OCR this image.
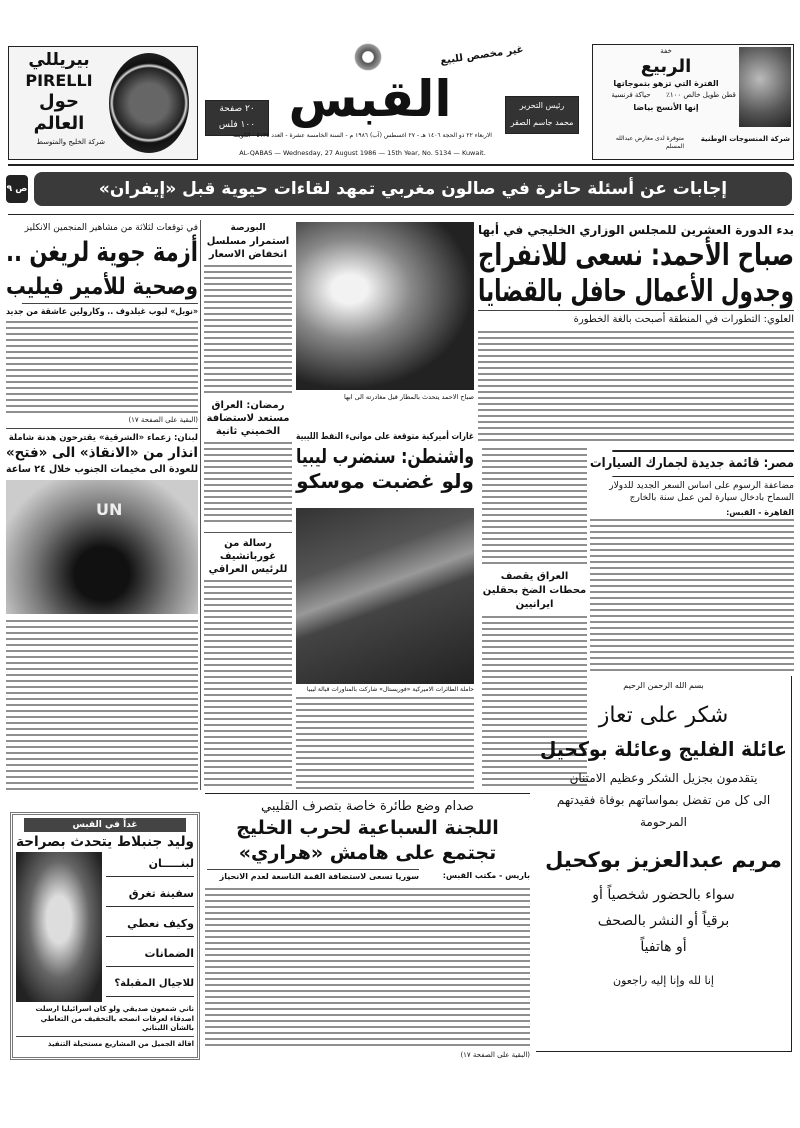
بيريللي
PIRELLI
حول
العالم
شركة الخليج والمتوسط
٢٠ صفحة
١٠٠ فلس
غير مخصص للبيع
القبس	رئيس التحرير
محمد جاسم الصقر
الاربعاء ٢٢ ذو الحجة ١٤٠٦ هـ - ٢٧ اغسطس (آب) ١٩٨٦ م - السنة الخامسة عشرة - العدد ٥١٣٤ - الكويت
AL-QABAS — Wednesday, 27 August 1986 — 15th Year, No. 5134 — Kuwait.
خفة
الربيع
الفترة التي تزهو بتموجاتها
قطن طويل خالص ١٠٠٪
حياكة فرنسية
إنها الأنسج بياضا
شركة المنسوجات الوطنية
متوفرة لدى معارض عبدالله المسلم
ص ٩	إجابات عن أسئلة حائرة في صالون مغربي تمهد لقاءات حيوية قبل «إيفران»
بدء الدورة العشرين للمجلس الوزاري الخليجي في أبها
صباح الأحمد: نسعى للانفراج
وجدول الأعمال حافل بالقضايا
العلوي: التطورات في المنطقة أصبحت بالغة الخطورة
صباح الاحمد يتحدث بالمطار قبل مغادرته الى ابها
غارات أميركية متوقعة على موانىء النفط الليبية
واشنطن: سنضرب ليبيا
ولو غضبت موسكو
حاملة الطائرات الاميركية «فوريستال» شاركت بالمناورات قبالة ليبيا
في توقعات لثلاثة من مشاهير المنجمين الانكليز
أزمة جوية لريغن ..
وصحية للأمير فيليب
«نوبل» لبوب غيلدوف .. وكارولين عاشقة من جديد
(البقية على الصفحة ١٧)
لبنان: زعماء «الشرقية» يقترحون هدنة شاملة
انذار من «الانقاذ» الى «فتح»
للعودة الى مخيمات الجنوب خلال ٢٤ ساعة
UN
البورصة
استمرار مسلسل انخفاض الاسعار
رمضان: العراق مستعد لاستضافة الخميني ثانية
رسالة من غورباتشيف للرئيس العراقي
العراق يقصف محطات الضخ بحقلين ايرانيين
مصر: قائمة جديدة لجمارك السيارات
مضاعفة الرسوم على اساس السعر الجديد للدولار السماح بادخال سيارة لمن عمل سنة بالخارج
القاهرة - القبس:
غداً في القبس
وليد جنبلاط يتحدث بصراحة
لبنـــــان
سفينة تغرق
وكيف نعطي
الضمانات
للاجيال المقبلة؟
ناني شمعون صديقي ولو كان اسرائيليا ارسلت اصدقاء لعرفات انصحه بالتخفيف من التعاطي بالشأن اللبناني
اقالة الجميل من المشاريع مستحيلة التنفيذ
صدام وضع طائرة خاصة بتصرف القليبي
اللجنة السباعية لحرب الخليج
تجتمع على هامش «هراري»
باريس - مكتب القبس:
سوريا تسعى لاستضافة القمة التاسعة لعدم الانحياز
(البقية على الصفحة ١٧)
بسم الله الرحمن الرحيم
شكر على تعاز
عائلة الفليج وعائلة بوكحيل
يتقدمون بجزيل الشكر وعظيم الامتنان
الى كل من تفضل بمواساتهم بوفاة فقيدتهم
المرحومة
مريم عبدالعزيز بوكحيل
سواء بالحضور شخصياً أو
برقياً أو النشر بالصحف
أو هاتفياً
إنا لله وإنا إليه راجعون
